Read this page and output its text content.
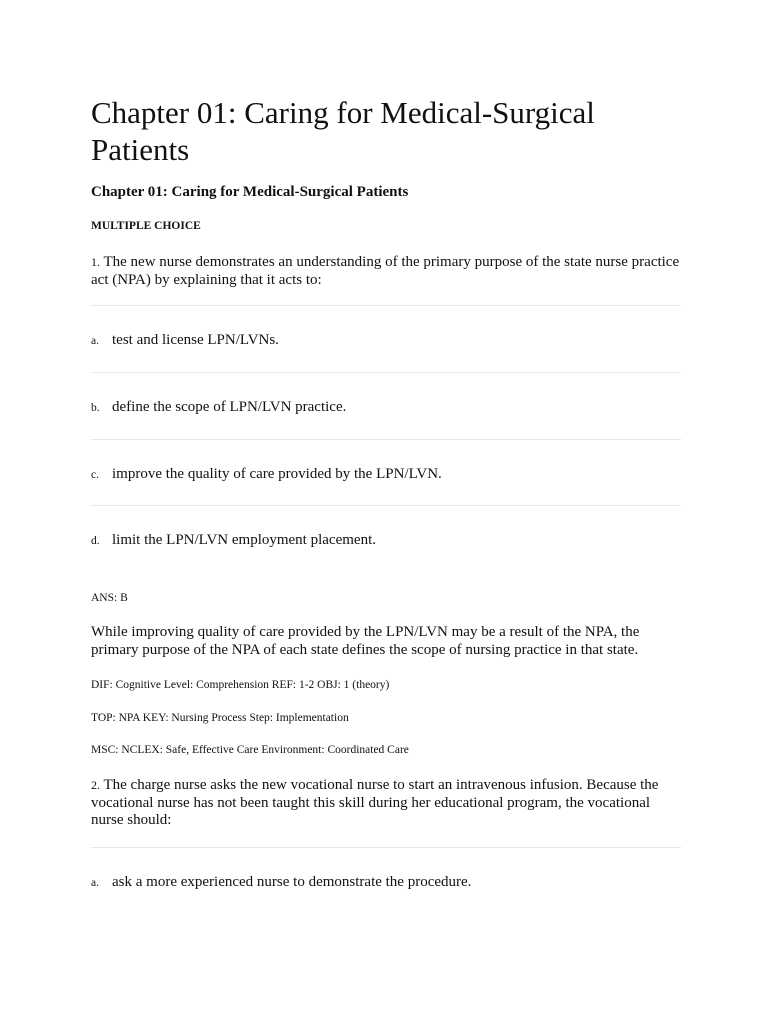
Chapter 01: Caring for Medical-Surgical Patients
Chapter 01: Caring for Medical-Surgical Patients
MULTIPLE CHOICE

1. The new nurse demonstrates an understanding of the primary purpose of the state nurse practice act (NPA) by explaining that it acts to:

a. test and license LPN/LVNs.
b. define the scope of LPN/LVN practice.
c. improve the quality of care provided by the LPN/LVN.
d. limit the LPN/LVN employment placement.
ANS: B

While improving quality of care provided by the LPN/LVN may be a result of the NPA, the primary purpose of the NPA of each state defines the scope of nursing practice in that state.

DIF: Cognitive Level: Comprehension REF: 1-2 OBJ: 1 (theory)
TOP: NPA KEY: Nursing Process Step: Implementation
MSC: NCLEX: Safe, Effective Care Environment: Coordinated Care

2. The charge nurse asks the new vocational nurse to start an intravenous infusion. Because the vocational nurse has not been taught this skill during her educational program, the vocational nurse should:

a. ask a more experienced nurse to demonstrate the procedure.
